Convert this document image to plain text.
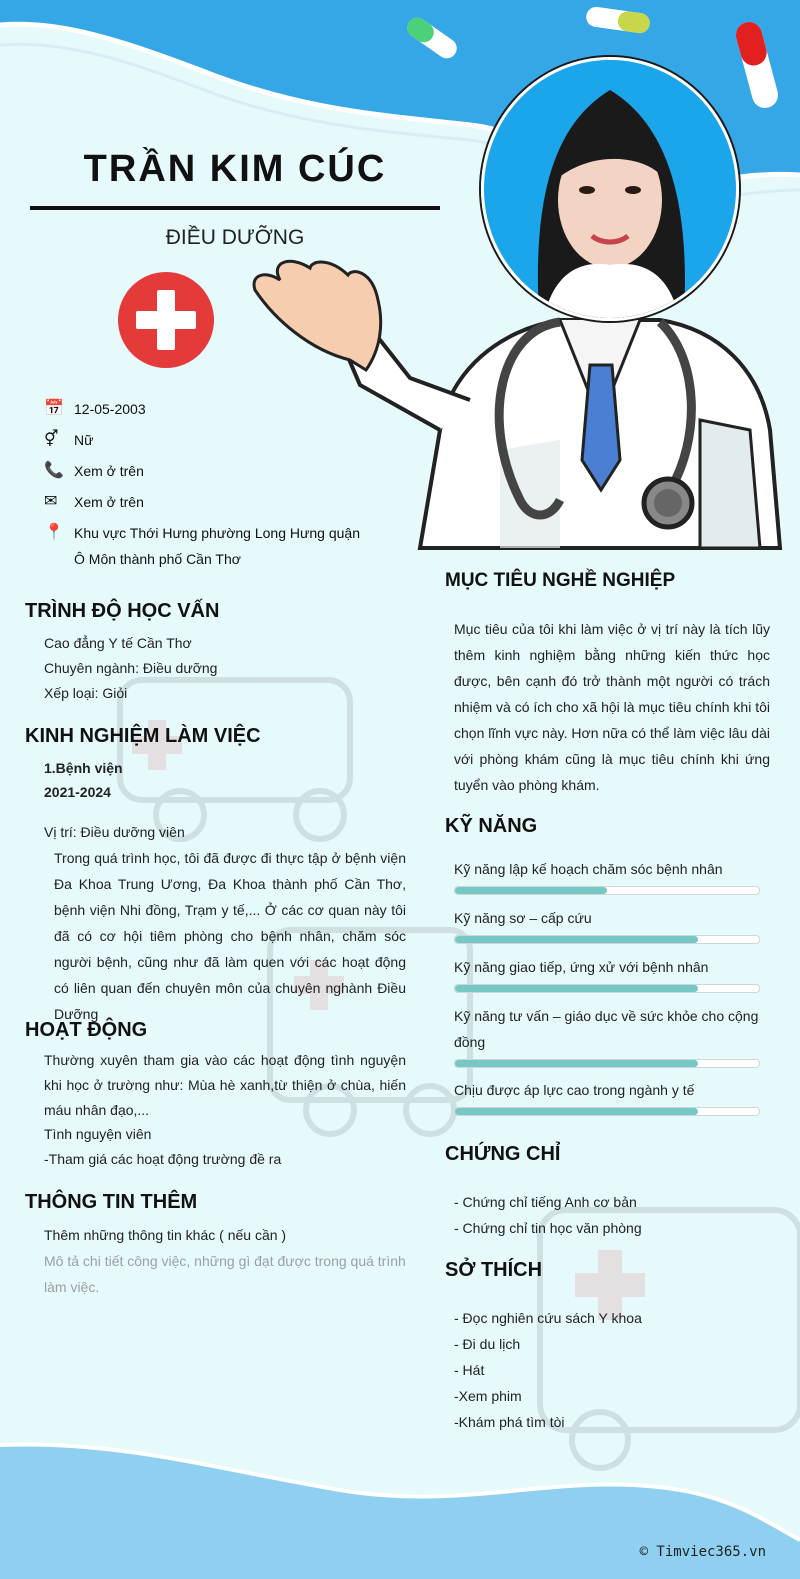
TRẦN KIM CÚC
ĐIỀU DƯỠNG
📅 12-05-2003
⚥	Nữ
📞 Xem ở trên
✉	Xem ở trên
📍 Khu vực Thới Hưng phường Long Hưng quận Ô Môn thành phố Cần Thơ
TRÌNH ĐỘ HỌC VẤN
Cao đẳng Y tế Cần Thơ
Chuyên ngành: Điều dưỡng
Xếp loại: Giỏi
KINH NGHIỆM LÀM VIỆC
1.Bệnh viện
2021-2024
Vị trí: Điều dưỡng viên
Trong quá trình học, tôi đã được đi thực tập ở bệnh viện Đa Khoa Trung Ương, Đa Khoa thành phố Cần Thơ, bệnh viện Nhi đồng, Trạm y tế,... Ở các cơ quan này tôi đã có cơ hội tiêm phòng cho bệnh nhân, chăm sóc người bệnh, cũng như đã làm quen với các hoạt động có liên quan đến chuyên môn của chuyên nghành Điều Dưỡng
HOẠT ĐỘNG
Thường xuyên tham gia vào các hoạt động tình nguyện khi học ở trường như: Mùa hè xanh,từ thiện ở chùa, hiến máu nhân đạo,...
Tình nguyện viên
-Tham giá các hoạt động trường đề ra
THÔNG TIN THÊM
Thêm những thông tin khác ( nếu cần )
Mô tả chi tiết công việc, những gì đạt được trong quá trình làm việc.
MỤC TIÊU NGHỀ NGHIỆP
Mục tiêu của tôi khi làm việc ở vị trí này là tích lũy thêm kinh nghiệm bằng những kiến thức học được, bên cạnh đó trở thành một người có trách nhiệm và có ích cho xã hội là mục tiêu chính khi tôi chọn lĩnh vực này. Hơn nữa có thể làm việc lâu dài với phòng khám cũng là mục tiêu chính khi ứng tuyển vào phòng khám.
KỸ NĂNG
Kỹ năng lập kế hoạch chăm sóc bệnh nhân
Kỹ năng sơ – cấp cứu
Kỹ năng giao tiếp, ứng xử với bệnh nhân
Kỹ năng tư vấn – giáo dục về sức khỏe cho cộng đồng
Chịu được áp lực cao trong ngành y tế
CHỨNG CHỈ
- Chứng chỉ tiếng Anh cơ bản
- Chứng chỉ tin học văn phòng
SỞ THÍCH
- Đọc nghiên cứu sách Y khoa
- Đi du lịch
- Hát
-Xem phim
-Khám phá tìm tòi
© Timviec365.vn
